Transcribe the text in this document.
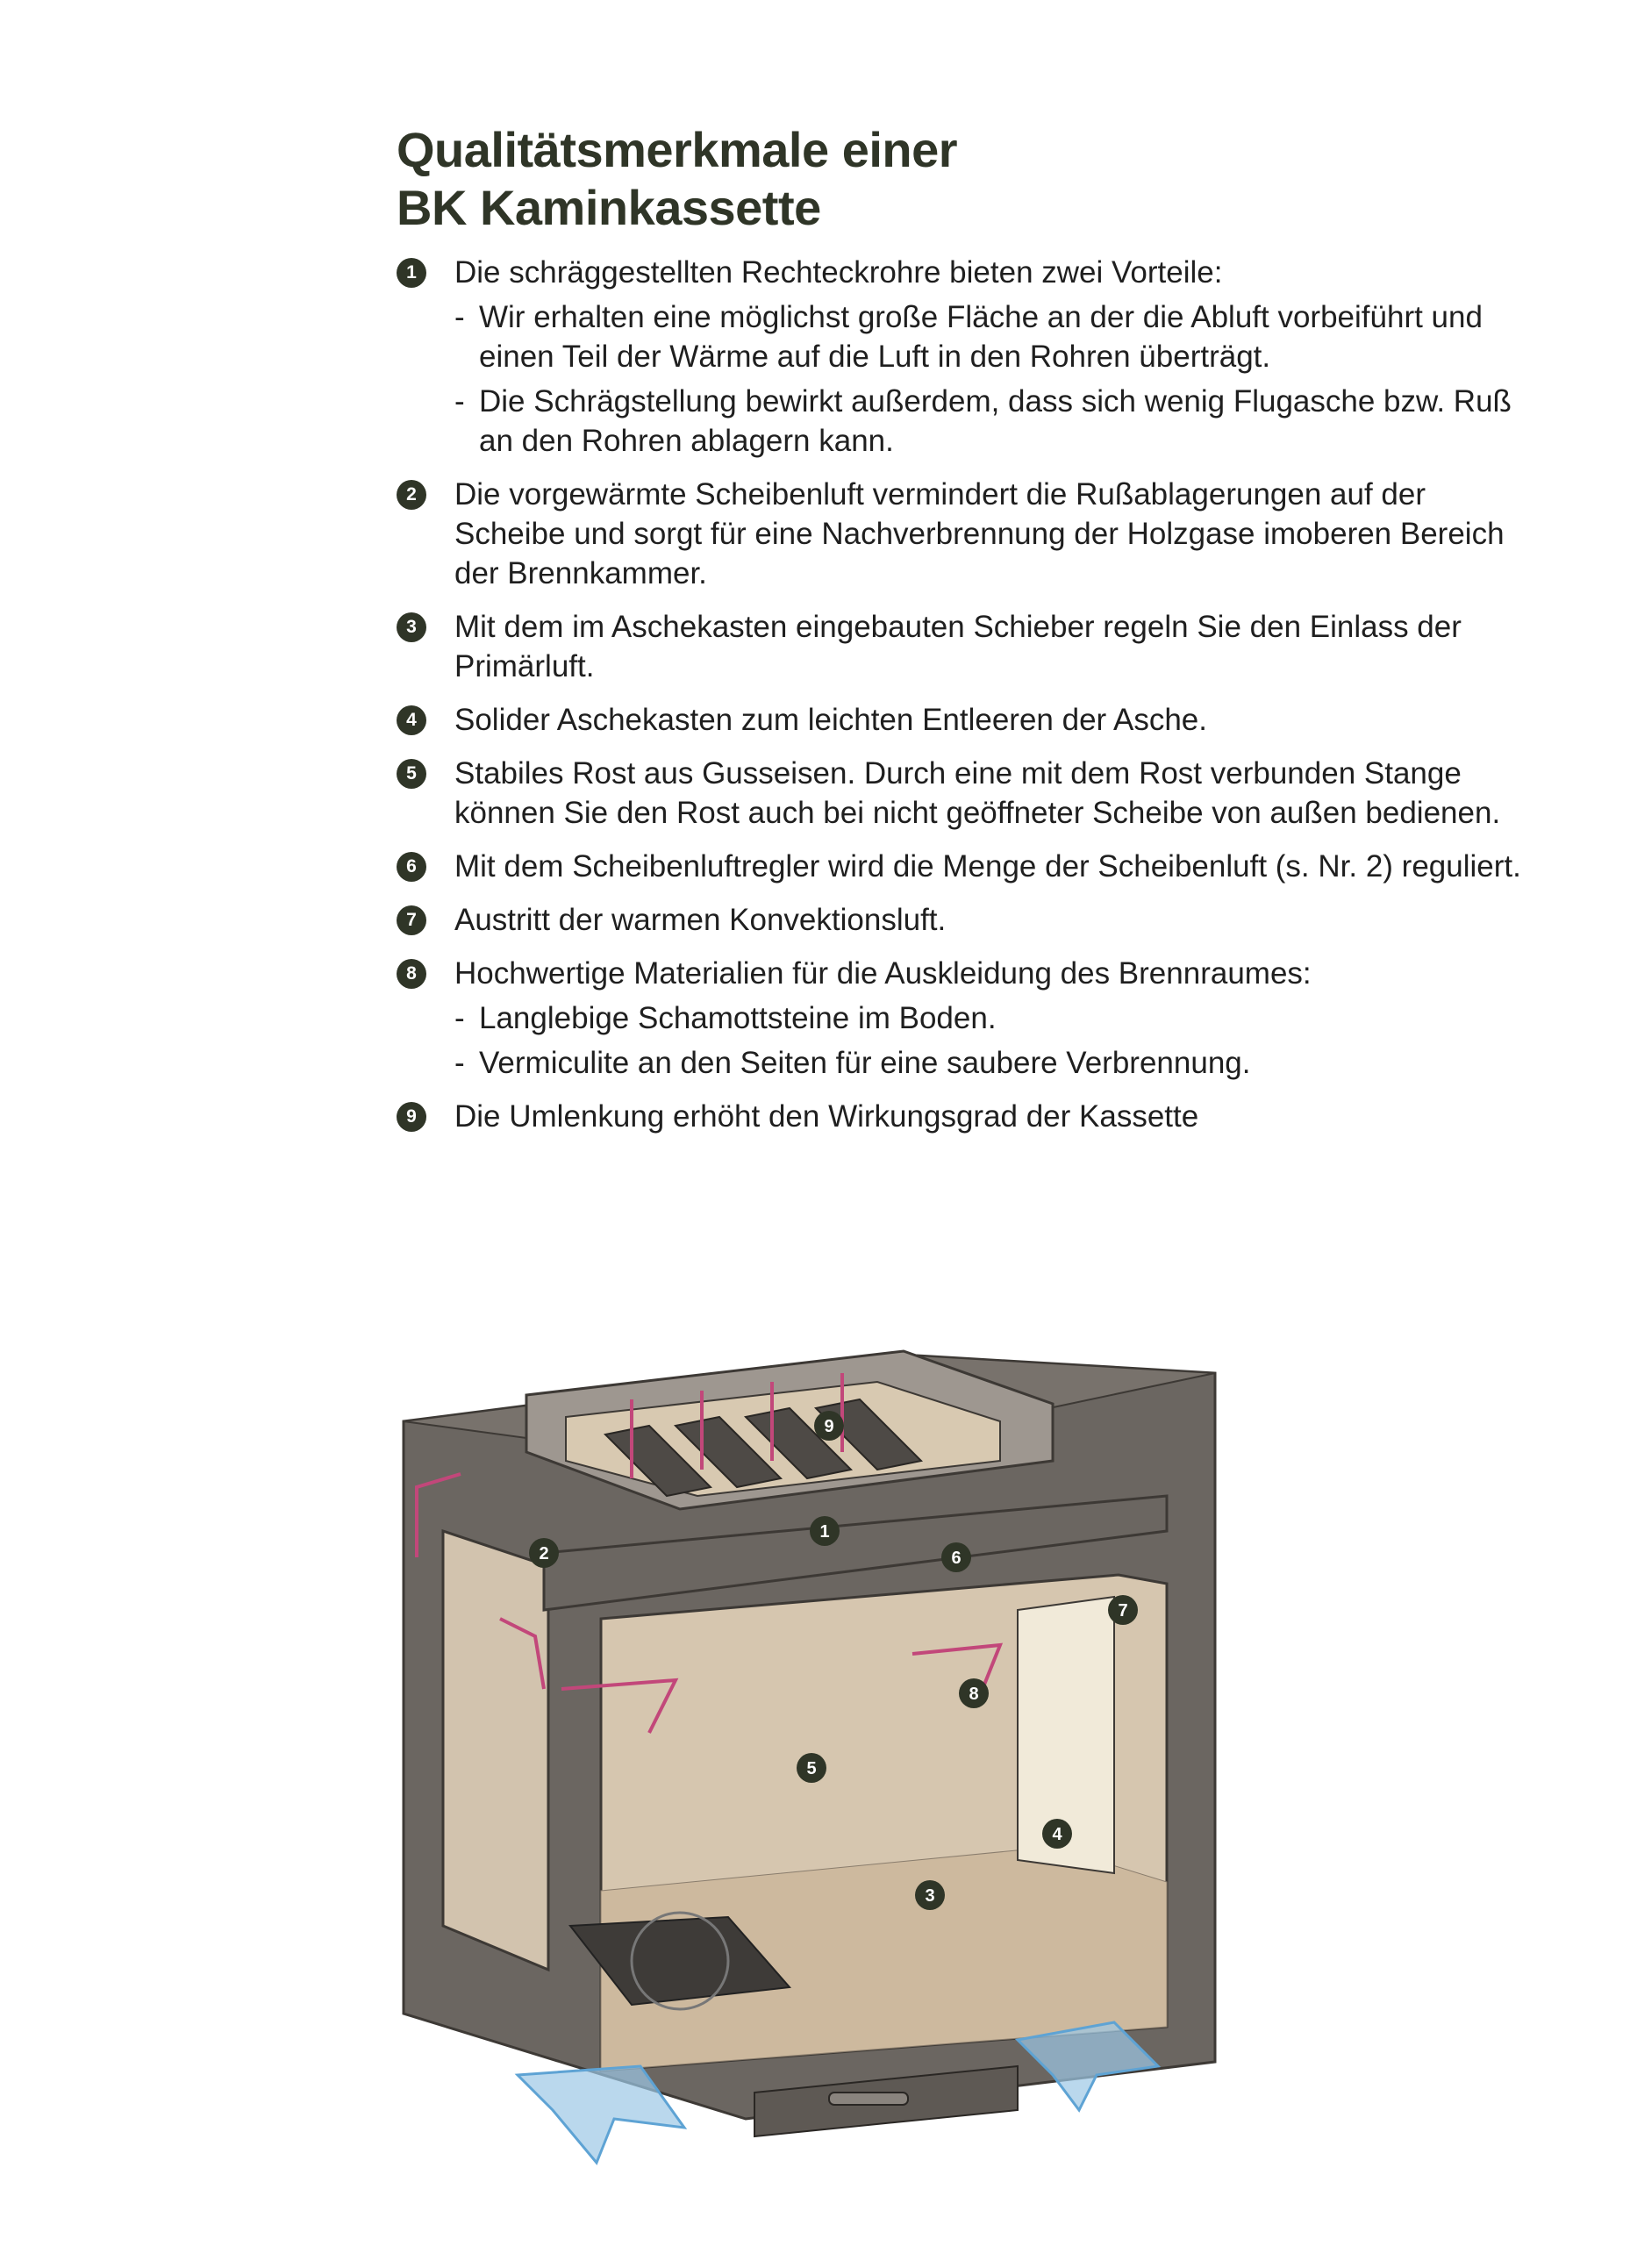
Qualitätsmerkmale einer
BK Kaminkassette
1	Die schräggestellten Rechteckrohre bieten zwei Vorteile:

- Wir erhalten eine möglichst große Fläche an der die Abluft vorbeiführt und einen Teil der Wärme auf die Luft in den Rohren überträgt.
- Die Schrägstellung bewirkt außerdem, dass sich wenig Flugasche bzw. Ruß an den Rohren ablagern kann.
2	Die vorgewärmte Scheibenluft vermindert die Rußablagerungen auf der Scheibe und sorgt für eine Nachverbrennung der Holzgase imoberen Bereich der Brennkammer.

3	Mit dem im Aschekasten eingebauten Schieber regeln Sie den Einlass der Primärluft.

4	Solider Aschekasten zum leichten Entleeren der Asche.

5	Stabiles Rost aus Gusseisen. Durch eine mit dem Rost verbunden Stange können Sie den Rost auch bei nicht geöffneter Scheibe von außen bedienen.

6	Mit dem Scheibenluftregler wird die Menge der Scheibenluft (s. Nr. 2) reguliert.

7	Austritt der warmen Konvektionsluft.

8	Hochwertige Materialien für die Auskleidung des Brennraumes:

- Langlebige Schamottsteine im Boden.
- Vermiculite an den Seiten für eine saubere Verbrennung.
9	Die Umlenkung erhöht den Wirkungsgrad der Kassette

9
1
2	6
7
8
5
4
3
